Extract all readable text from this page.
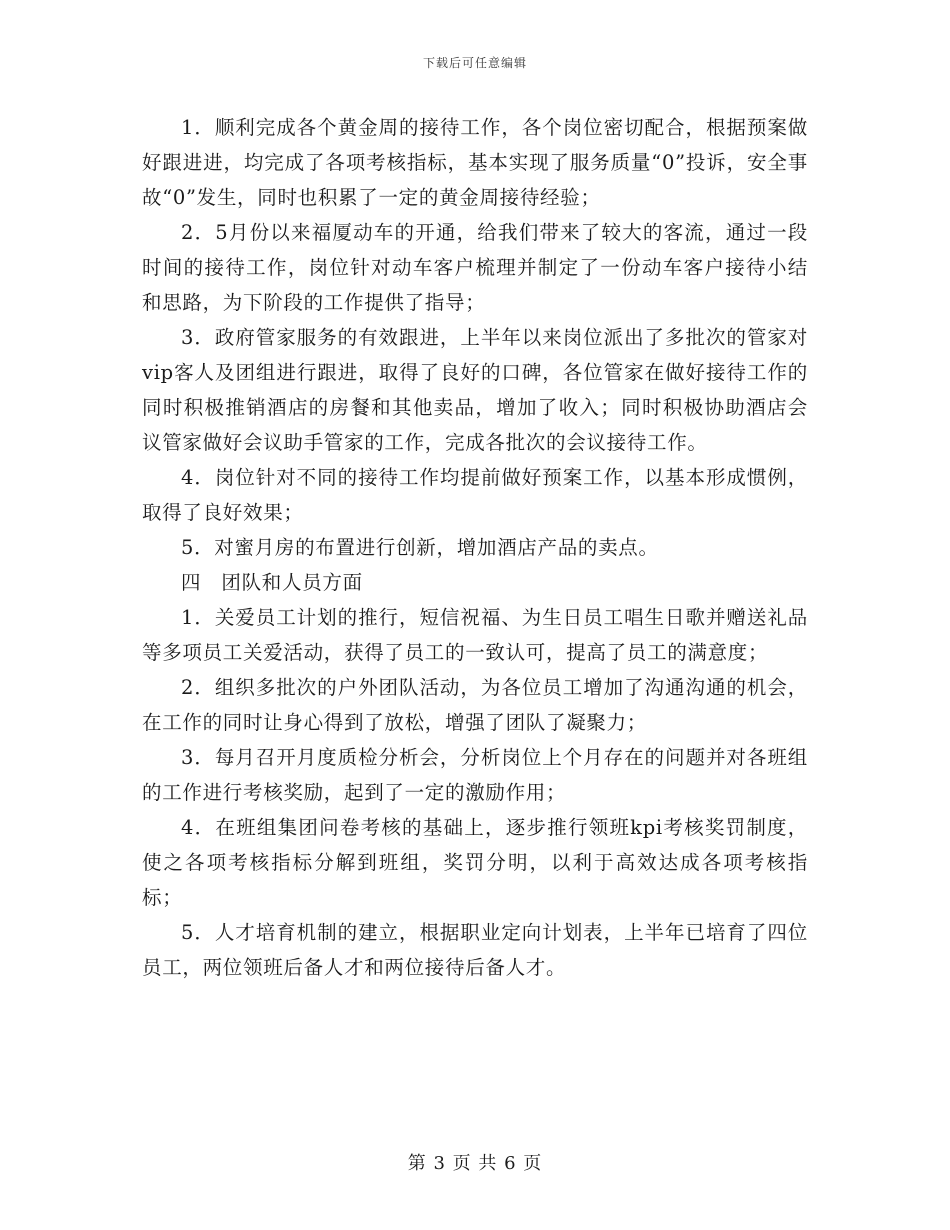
下载后可任意编辑

1．顺利完成各个黄金周的接待工作，各个岗位密切配合，根据预案做好跟进进，均完成了各项考核指标，基本实现了服务质量“0”投诉，安全事故“0”发生，同时也积累了一定的黄金周接待经验；

2．5月份以来福厦动车的开通，给我们带来了较大的客流，通过一段时间的接待工作，岗位针对动车客户梳理并制定了一份动车客户接待小结和思路，为下阶段的工作提供了指导；

3．政府管家服务的有效跟进，上半年以来岗位派出了多批次的管家对vip客人及团组进行跟进，取得了良好的口碑，各位管家在做好接待工作的同时积极推销酒店的房餐和其他卖品，增加了收入；同时积极协助酒店会议管家做好会议助手管家的工作，完成各批次的会议接待工作。

4．岗位针对不同的接待工作均提前做好预案工作，以基本形成惯例，取得了良好效果；

5．对蜜月房的布置进行创新，增加酒店产品的卖点。

四　团队和人员方面

1．关爱员工计划的推行，短信祝福、为生日员工唱生日歌并赠送礼品等多项员工关爱活动，获得了员工的一致认可，提高了员工的满意度；

2．组织多批次的户外团队活动，为各位员工增加了沟通沟通的机会，在工作的同时让身心得到了放松，增强了团队了凝聚力；

3．每月召开月度质检分析会，分析岗位上个月存在的问题并对各班组的工作进行考核奖励，起到了一定的激励作用；

4．在班组集团问卷考核的基础上，逐步推行领班kpi考核奖罚制度，使之各项考核指标分解到班组，奖罚分明，以利于高效达成各项考核指标；

5．人才培育机制的建立，根据职业定向计划表，上半年已培育了四位员工，两位领班后备人才和两位接待后备人才。

第 3 页 共 6 页
